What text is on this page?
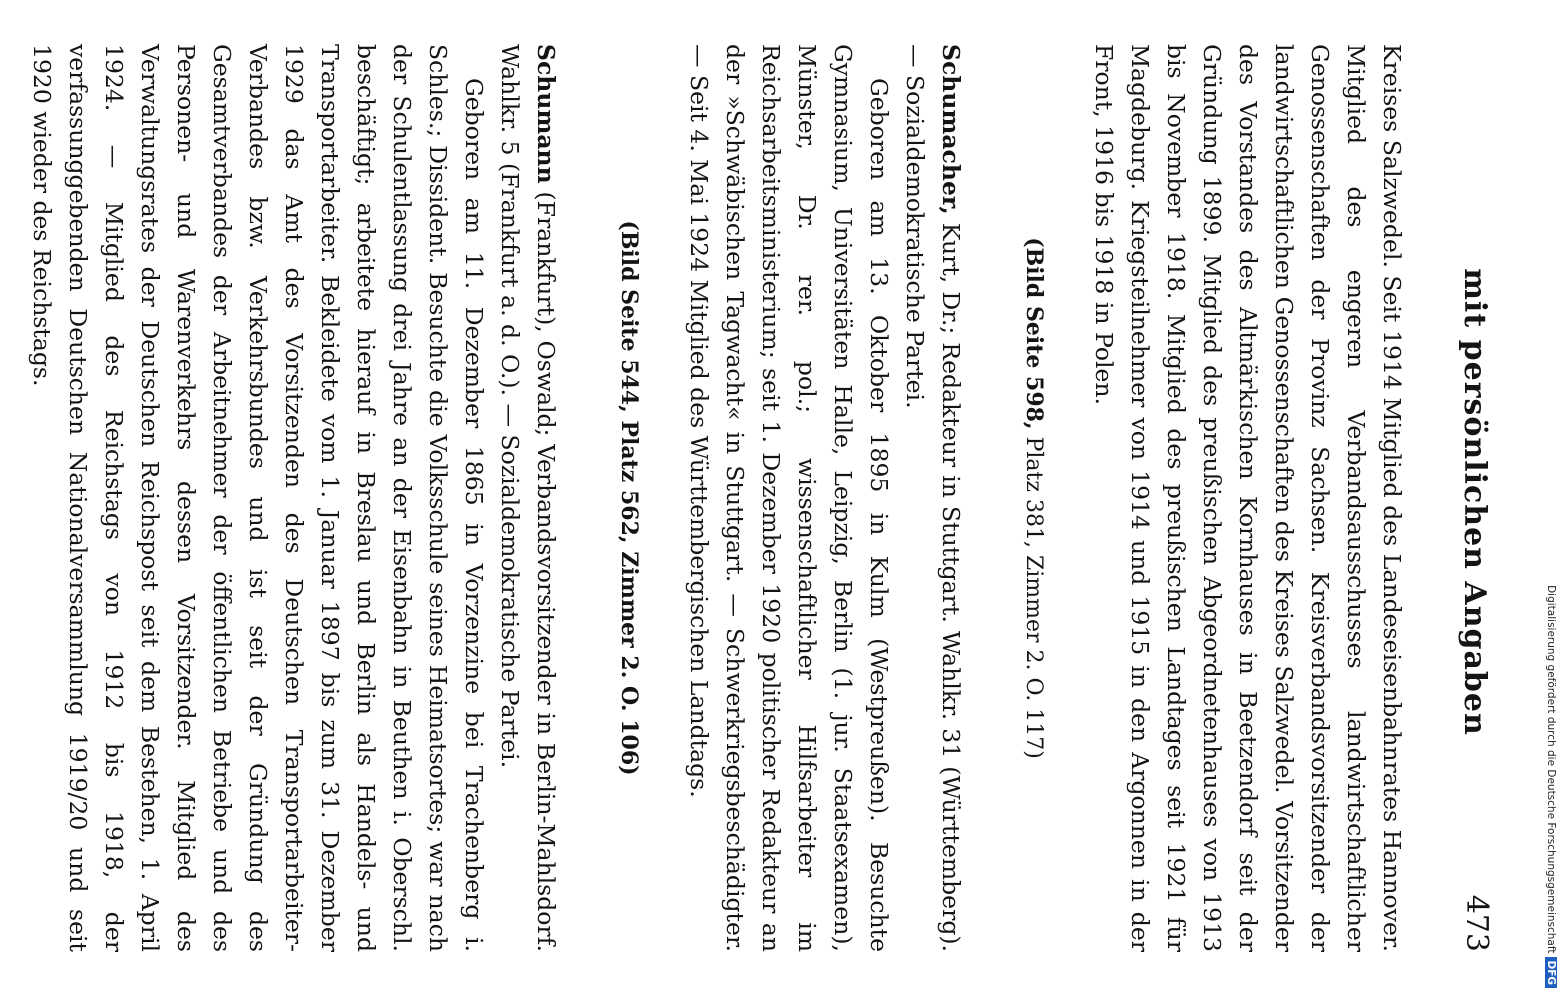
mit persönlichen Angaben
473

Kreises Salzwedel. Seit 1914 Mitglied des Landeseisenbahnrates Hannover. Mitglied des engeren Verbandsausschusses landwirtschaftlicher Genossenschaften der Provinz Sachsen. Kreisverbandsvorsitzender der landwirtschaftlichen Genossenschaften des Kreises Salzwedel. Vorsitzender des Vorstandes des Altmärkischen Kornhauses in Beetzendorf seit der Gründung 1899. Mitglied des preußischen Abgeordnetenhauses von 1913 bis November 1918. Mitglied des preußischen Landtages seit 1921 für Magdeburg. Kriegsteilnehmer von 1914 und 1915 in den Argonnen in der Front, 1916 bis 1918 in Polen.

(Bild Seite 598, Platz 381, Zimmer 2. O. 117)

Schumacher, Kurt, Dr.; Redakteur in Stuttgart. Wahlkr. 31 (Württemberg). — Sozialdemokratische Partei.

Geboren am 13. Oktober 1895 in Kulm (Westpreußen). Besuchte Gymnasium, Universitäten Halle, Leipzig, Berlin (1. jur. Staatsexamen), Münster, Dr. rer. pol.; wissenschaftlicher Hilfsarbeiter im Reichsarbeitsministerium; seit 1. Dezember 1920 politischer Redakteur an der »Schwäbischen Tagwacht« in Stuttgart. — Schwerkriegsbeschädigter. — Seit 4. Mai 1924 Mitglied des Württembergischen Landtags.

(Bild Seite 544, Platz 562, Zimmer 2. O. 106)

Schumann (Frankfurt), Oswald; Verbandsvorsitzender in Berlin-Mahlsdorf. Wahlkr. 5 (Frankfurt a. d. O.). — Sozialdemokratische Partei.

Geboren am 11. Dezember 1865 in Vorzenzine bei Trachenberg i. Schles.; Dissident. Besuchte die Volksschule seines Heimatsortes; war nach der Schulentlassung drei Jahre an der Eisenbahn in Beuthen i. Oberschl. beschäftigt; arbeitete hierauf in Breslau und Berlin als Handels- und Transportarbeiter. Bekleidete vom 1. Januar 1897 bis zum 31. Dezember 1929 das Amt des Vorsitzenden des Deutschen Transportarbeiter-Verbandes bzw. Verkehrsbundes und ist seit der Gründung des Gesamtverbandes der Arbeitnehmer der öffentlichen Betriebe und des Personen- und Warenverkehrs dessen Vorsitzender. Mitglied des Verwaltungsrates der Deutschen Reichspost seit dem Bestehen, 1. April 1924. — Mitglied des Reichstags von 1912 bis 1918, der verfassunggebenden Deutschen Nationalversammlung 1919/20 und seit 1920 wieder des Reichstags.

Digitalisierung gefördert durch die Deutsche ForschungsgemeinschaftDFG
